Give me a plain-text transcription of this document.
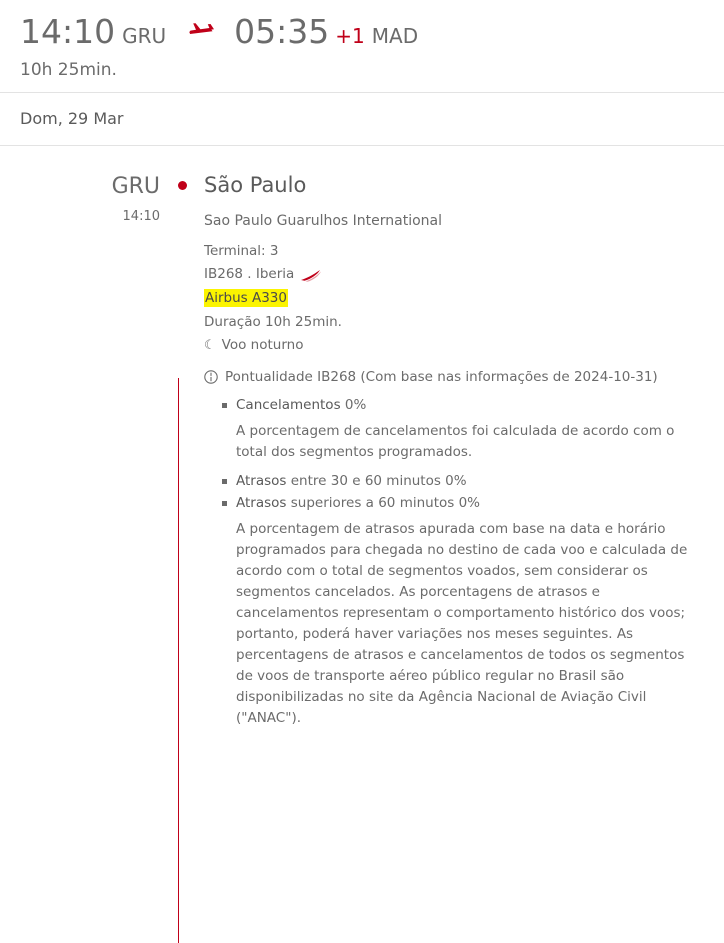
14:10 GRU 05:35 +1 MAD
10h 25min.
Dom, 29 Mar
GRU
14:10
São Paulo
Sao Paulo Guarulhos International
Terminal: 3
IB268 . Iberia
Airbus A330
Duração 10h 25min.
☾ Voo noturno
Pontualidade IB268 (Com base nas informações de 2024-10-31)
Cancelamentos 0%
A porcentagem de cancelamentos foi calculada de acordo com o total dos segmentos programados.
Atrasos entre 30 e 60 minutos 0%
Atrasos superiores a 60 minutos 0%
A porcentagem de atrasos apurada com base na data e horário programados para chegada no destino de cada voo e calculada de acordo com o total de segmentos voados, sem considerar os segmentos cancelados. As porcentagens de atrasos e cancelamentos representam o comportamento histórico dos voos; portanto, poderá haver variações nos meses seguintes. As percentagens de atrasos e cancelamentos de todos os segmentos de voos de transporte aéreo público regular no Brasil são disponibilizadas no site da Agência Nacional de Aviação Civil ("ANAC").
